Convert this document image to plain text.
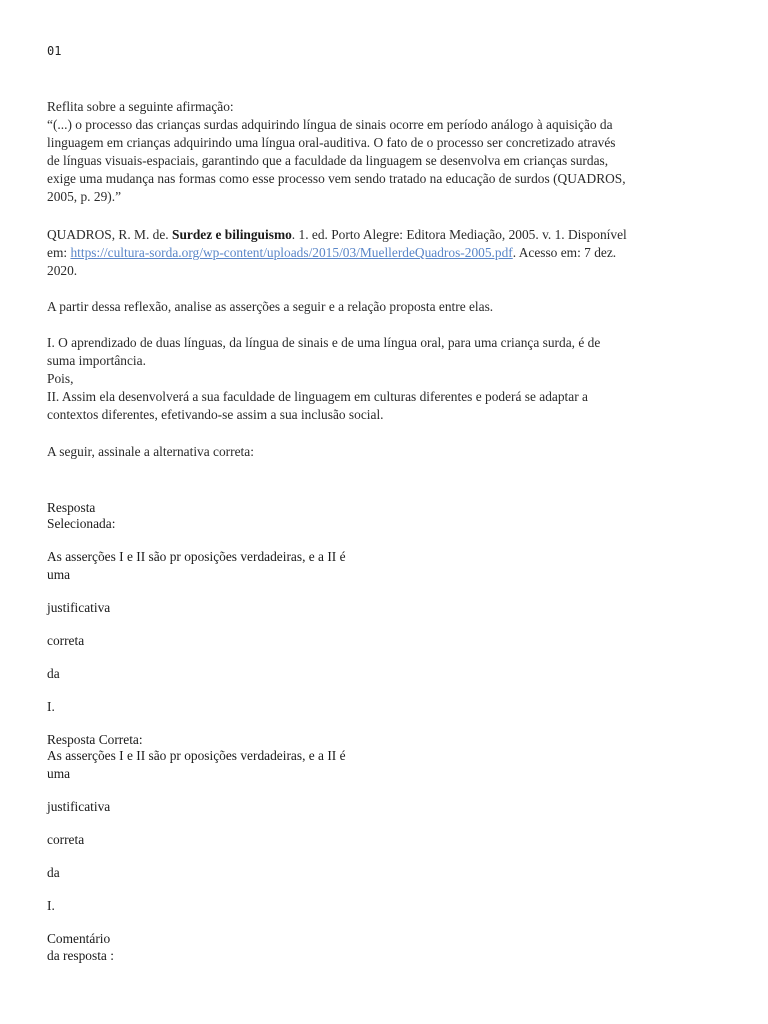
01
Reflita sobre a seguinte afirmação:
“(...) o processo das crianças surdas adquirindo língua de sinais ocorre em período análogo à aquisição da
linguagem em crianças adquirindo uma língua oral-auditiva. O fato de o processo ser concretizado através
de línguas visuais-espaciais, garantindo que a faculdade da linguagem se desenvolva em crianças surdas,
exige uma mudança nas formas como esse processo vem sendo tratado na educação de surdos (QUADROS,
2005, p. 29).”
QUADROS, R. M. de. Surdez e bilinguismo. 1. ed. Porto Alegre: Editora Mediação, 2005. v. 1. Disponível
em: https://cultura-sorda.org/wp-content/uploads/2015/03/MuellerdeQuadros-2005.pdf. Acesso em: 7 dez.
2020.
A partir dessa reflexão, analise as asserções a seguir e a relação proposta entre elas.
I. O aprendizado de duas línguas, da língua de sinais e de uma língua oral, para uma criança surda, é de
suma importância.
Pois,
II. Assim ela desenvolverá a sua faculdade de linguagem em culturas diferentes e poderá se adaptar a
contextos diferentes, efetivando-se assim a sua inclusão social.
A seguir, assinale a alternativa correta:
Resposta
Selecionada:
As asserções I e II são pr oposições verdadeiras, e a II é
uma
justificativa
correta
da
I.
Resposta Correta:
As asserções I e II são pr oposições verdadeiras, e a II é
uma
justificativa
correta
da
I.
Comentário
da resposta :
